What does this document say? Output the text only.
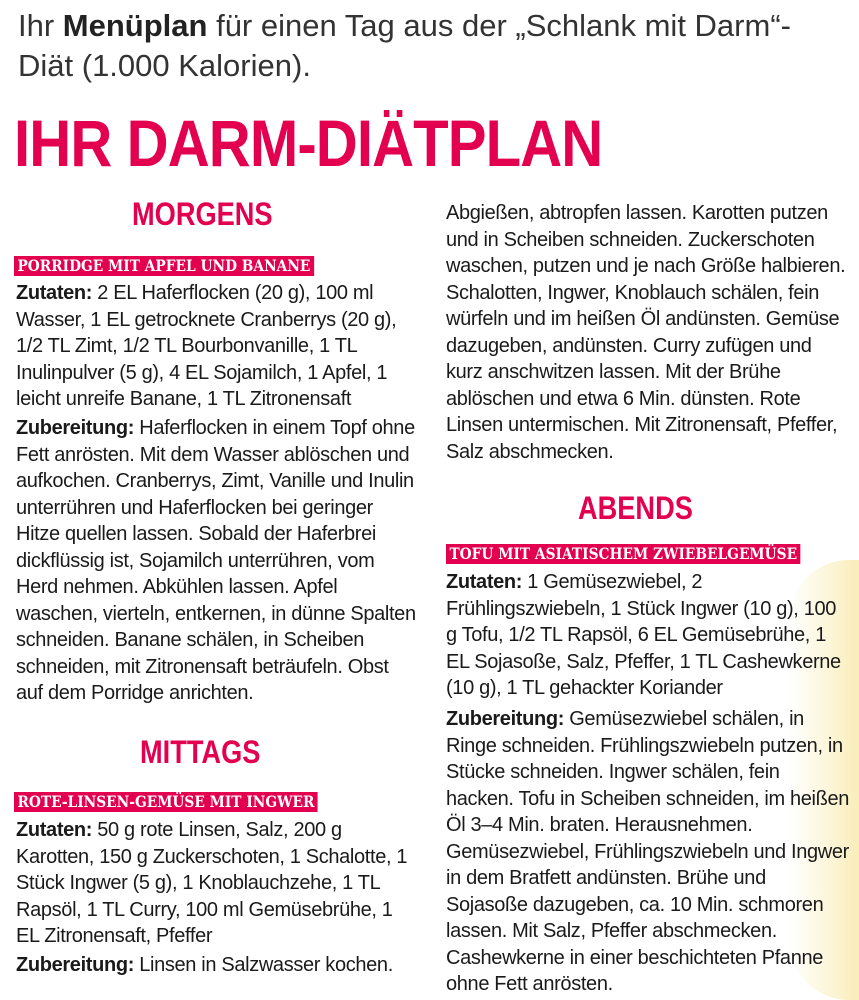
Ihr Menüplan für einen Tag aus der „Schlank mit Darm“-Diät (1.000 Kalorien).
IHR DARM-DIÄTPLAN
MORGENS
PORRIDGE MIT APFEL UND BANANE

Zutaten: 2 EL Haferflocken (20 g), 100 ml Wasser, 1 EL getrocknete Cranberrys (20 g), 1/2 TL Zimt, 1/2 TL Bourbonvanille, 1 TL Inulinpulver (5 g), 4 EL Sojamilch, 1 Apfel, 1 leicht unreife Banane, 1 TL Zitronensaft

Zubereitung: Haferflocken in einem Topf ohne Fett anrösten. Mit dem Wasser ablöschen und aufkochen. Cranberrys, Zimt, Vanille und Inulin unterrühren und Haferflocken bei geringer Hitze quellen lassen. Sobald der Haferbrei dickflüssig ist, Sojamilch unterrühren, vom Herd nehmen. Abkühlen lassen. Apfel waschen, vierteln, entkernen, in dünne Spalten schneiden. Banane schälen, in Scheiben schneiden, mit Zitronensaft beträufeln. Obst auf dem Porridge anrichten.

MITTAGS
ROTE-LINSEN-GEMÜSE MIT INGWER

Zutaten: 50 g rote Linsen, Salz, 200 g Karotten, 150 g Zuckerschoten, 1 Schalotte, 1 Stück Ingwer (5 g), 1 Knoblauchzehe, 1 TL Rapsöl, 1 TL Curry, 100 ml Gemüsebrühe, 1 EL Zitronensaft, Pfeffer

Zubereitung: Linsen in Salzwasser kochen.

Abgießen, abtropfen lassen. Karotten putzen und in Scheiben schneiden. Zuckerschoten waschen, putzen und je nach Größe halbieren. Schalotten, Ingwer, Knoblauch schälen, fein würfeln und im heißen Öl andünsten. Gemüse dazugeben, andünsten. Curry zufügen und kurz anschwitzen lassen. Mit der Brühe ablöschen und etwa 6 Min. dünsten. Rote Linsen untermischen. Mit Zitronensaft, Pfeffer, Salz abschmecken.

ABENDS
TOFU MIT ASIATISCHEM ZWIEBELGEMÜSE

Zutaten: 1 Gemüsezwiebel, 2 Frühlingszwiebeln, 1 Stück Ingwer (10 g), 100 g Tofu, 1/2 TL Rapsöl, 6 EL Gemüsebrühe, 1 EL Sojasoße, Salz, Pfeffer, 1 TL Cashewkerne (10 g), 1 TL gehackter Koriander

Zubereitung: Gemüsezwiebel schälen, in Ringe schneiden. Frühlingszwiebeln putzen, in Stücke schneiden. Ingwer schälen, fein hacken. Tofu in Scheiben schneiden, im heißen Öl 3–4 Min. braten. Herausnehmen. Gemüsezwiebel, Frühlingszwiebeln und Ingwer in dem Bratfett andünsten. Brühe und Sojasoße dazugeben, ca. 10 Min. schmoren lassen. Mit Salz, Pfeffer abschmecken. Cashewkerne in einer beschichteten Pfanne ohne Fett anrösten.
